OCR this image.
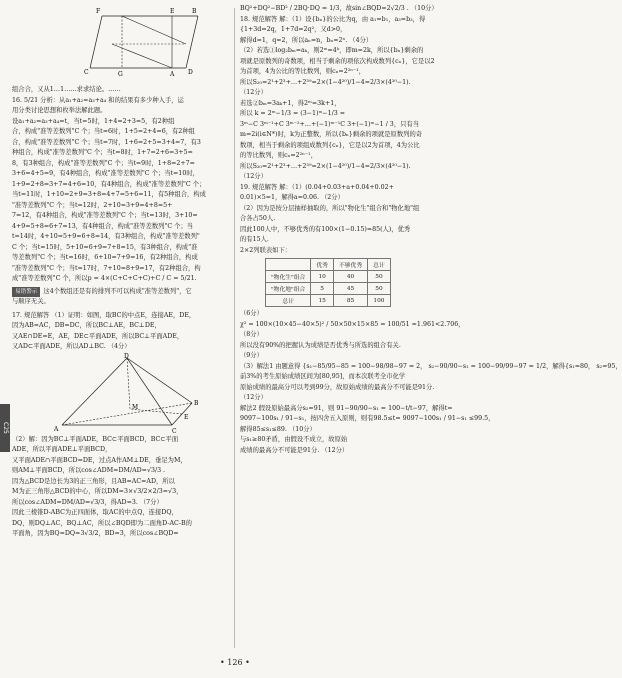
C25
F	E	B
C	G	A D
组合合，又从1…1……求求结论。……
16. 5/21 分析：从a₁+a₂=a₃+a₄ 和的结果有多少种入手，运
用分类讨论思想和枚举法解此题。
设a₁+a₂=a₃+a₄=t，当t=5时，1+4=2+3=5，有2种组
合，构成"准等差数列"C 个；当t=6时，1+5=2+4=6，有2种组
合，构成"准等差数列"C 个；当t=7时，1+6=2+5=3+4=7，有3
种组合，构成"准等差数列"C 个；当t=8时，1+7=2+6=3+5=
8，有3种组合，构成"准等差数列"C 个；当t=9时，1+8=2+7=
3+6=4+5=9，有4种组合，构成"准等差数列"C 个；当t=10时，
1+9=2+8=3+7=4+6=10，有4种组合，构成"准等差数列"C 个；
当t=11时，1+10=2+9=3+8=4+7=5+6=11，有5种组合，构成
"准等差数列"C 个；当t=12时，2+10=3+9=4+8=5+
7=12，有4种组合，构成"准等差数列"C 个；当t=13时，3+10=
4+9=5+8=6+7=13，有4种组合，构成"准等差数列"C 个；当
t=14时，4+10=5+9=6+8=14，有3种组合，构成"准等差数列"
C 个；当t=15时，5+10=6+9=7+8=15，有3种组合，构成"准
等差数列"C 个；当t=16时，6+10=7+9=16，有2种组合，构成
"准等差数列"C 个；当t=17时，7+10=8+9=17，有2种组合，构
成"准等差数列"C 个，所以p = 4×(C+C+C+C)+C / C = 5/21.
易错警示 这4个数组还是有的排列不可以构成"准等差数列"，它
与顺序无关。
17. 规范解答 （1）证明：如图，取BC的中点E，连接AE，DE，
因为AB=AC，DB=DC，所以BC⊥AE，BC⊥DE，
又AE∩DE=E，AE，DE⊂平面ADE，所以BC⊥平面ADE，
又AD⊂平面ADE，所以AD⊥BC. （4分）
D
A	C
B
M
E
（2）解：因为BC⊥平面ADE，BC⊂平面BCD，BC⊂平面
ADE，所以平面ADE⊥平面BCD，
又平面ADE∩平面BCD=DE，过点A作AM⊥DE，垂足为M，
则AM⊥平面BCD，所以cos∠ADM=DM/AD=√3/3 .
因为△BCD是边长为3的正三角形，且AB=AC=AD，所以
M为正三角形△BCD的中心，所以DM=3×√3/2×2/3=√3，
所以cos∠ADM=DM/AD=√3/3，得AD=3. （7分）
因此三棱锥D-ABC为正四面体，取AC的中点Q，连接DQ，
DQ，则DQ⊥AC，BQ⊥AC，所以∠BQD即为二面角D-AC-B的
平面角，因为BQ=DQ=3√3/2，BD=3，所以cos∠BQD=
BQ²+DQ²−BD² / 2BQ·DQ = 1/3，故sin∠BQD=2√2/3 . （10分）
18. 规范解答 解：（1）设{bₙ}的公比为q，由 a₁=b₁，a₃=b₃，得
{1+3d=2q，1+7d=2q²，又d>0，
解得d=1，q=2，所以aₙ=n，bₙ=2ⁿ. （4分）
（2）若选①log₂bₘ=aₖ，则2ᵐ=4ᵏ，即m=2k，所以{bₙ}剩余的
项就是原数列的奇数项，相当于剩余的项依次构成数列{cₙ}，它是以2
为首项，4为公比的等比数列，则cₙ=2²ⁿ⁻¹，
所以S₂₀=2¹+2³+…+2³⁹=2×(1−4²⁰)/1−4=2/3×(4²⁰−1).
（12分）
若选②bₘ=3aₖ+1，得2ᵐ=3k+1，
所以 k = 2ᵐ−1/3 = (3−1)ᵐ−1/3 =
3ᵐ−C 3ᵐ⁻¹+C 3ᵐ⁻²+…+(−1)ᵐ⁻¹C 3+(−1)ᵐ−1 / 3，只有当
m=2i(i∈N*)时，k为正整数，所以{bₙ}剩余的项就是原数列的奇
数项，相当于剩余的项组成数列{cₙ}，它是以2为首项，4为公比
的等比数列，则cₙ=2²ⁿ⁻¹，
所以S₂₀=2¹+2³+…+2³⁹=2×(1−4²⁰)/1−4=2/3×(4²⁰−1).
（12分）
19. 规范解答 解：（1）(0.04+0.03+a+0.04+0.02+
0.01)×5=1，解得a=0.06. （2分）
（2）因为是按分层抽样抽取的，所以"物化生"组合和"物化地"组
合各占50人.
因此100人中，不够优秀的有100×(1−0.15)=85(人)，优秀
的有15人.
2×2列联表如下：
	优秀	不够优秀	总计
"物化生"组合	10	40	50
"物化地"组合	5	45	50
总计	15	85	100
（6分）
χ² = 100×(10×45−40×5)² / 50×50×15×85 = 100/51 ≈1.961<2.706，
（8分）
所以没有90%的把握认为成绩是否优秀与所选的组合有关.
（9分）
（3）解法1 由题意得 {s₁−85/95−85 = 100−98/98−97 = 2， s₂−90/90−s₁ = 100−99/99−97 = 1/2，解得{s₁=80， s₂=95，
前3%的考生原始成绩区间为[80,95]，而本次联考全市化学
原始成绩的最高分可以考到99分，故原始成绩的最高分不可能是91分.
（12分）
解法2 假设原始最高分s₂=91，则 91−90/90−s₁ = 100−t/t−97，解得t=
9097−100s₁ / 91−s₁，按四舍五入原则，则有98.5≤t= 9097−100s₁ / 91−s₁ ≤99.5，
解得85≤s₁≤89. （10分）
与s₁≥80矛盾，由假设不成立，故原始
成绩的最高分不可能是91分. （12分）
• 126 •
